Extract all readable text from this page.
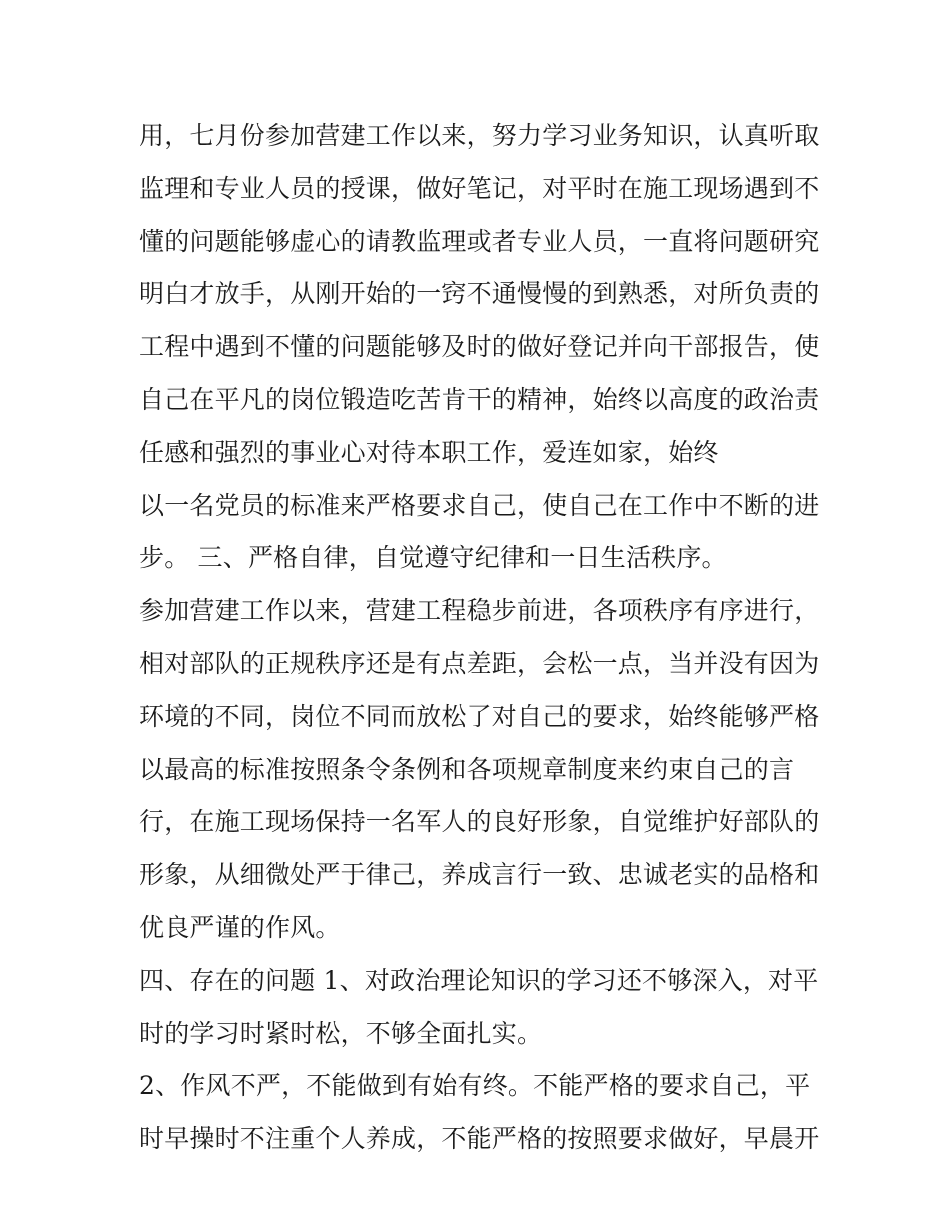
用，七月份参加营建工作以来，努力学习业务知识，认真听取
监理和专业人员的授课，做好笔记，对平时在施工现场遇到不
懂的问题能够虚心的请教监理或者专业人员，一直将问题研究
明白才放手，从刚开始的一窍不通慢慢的到熟悉，对所负责的
工程中遇到不懂的问题能够及时的做好登记并向干部报告，使
自己在平凡的岗位锻造吃苦肯干的精神，始终以高度的政治责
任感和强烈的事业心对待本职工作，爱连如家，始终
以一名党员的标准来严格要求自己，使自己在工作中不断的进
步。 三、严格自律，自觉遵守纪律和一日生活秩序。
参加营建工作以来，营建工程稳步前进，各项秩序有序进行，
相对部队的正规秩序还是有点差距，会松一点，当并没有因为
环境的不同，岗位不同而放松了对自己的要求，始终能够严格
以最高的标准按照条令条例和各项规章制度来约束自己的言
行，在施工现场保持一名军人的良好形象，自觉维护好部队的
形象，从细微处严于律己，养成言行一致、忠诚老实的品格和
优良严谨的作风。
四、存在的问题 1、对政治理论知识的学习还不够深入，对平
时的学习时紧时松，不够全面扎实。
2、作风不严，不能做到有始有终。不能严格的要求自己，平
时早操时不注重个人养成，不能严格的按照要求做好，早晨开
